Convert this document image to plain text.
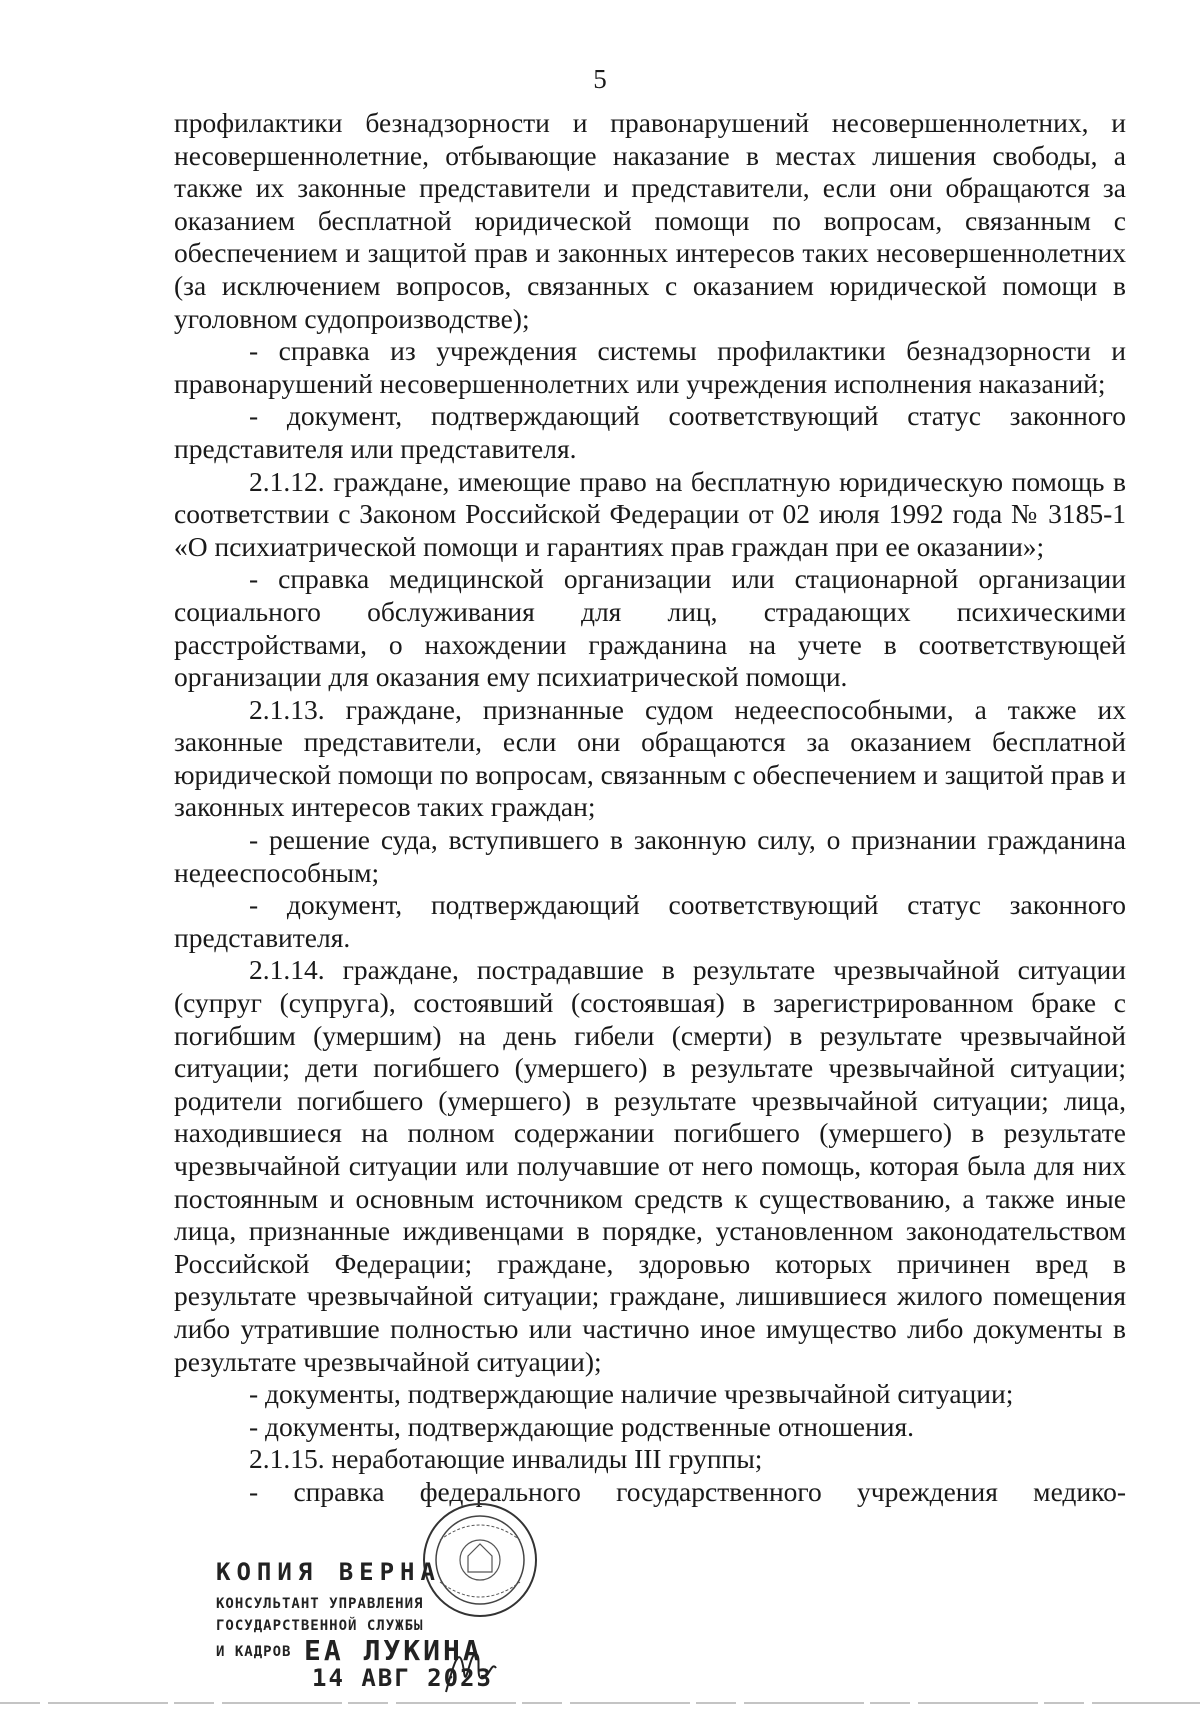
5

профилактики безнадзорности и правонарушений несовершеннолетних, и несовершеннолетние, отбывающие наказание в местах лишения свободы, а также их законные представители и представители, если они обращаются за оказанием бесплатной юридической помощи по вопросам, связанным с обеспечением и защитой прав и законных интересов таких несовершеннолетних (за исключением вопросов, связанных с оказанием юридической помощи в уголовном судопроизводстве);

- справка из учреждения системы профилактики безнадзорности и правонарушений несовершеннолетних или учреждения исполнения наказаний;

- документ, подтверждающий соответствующий статус законного представителя или представителя.

2.1.12. граждане, имеющие право на бесплатную юридическую помощь в соответствии с Законом Российской Федерации от 02 июля 1992 года № 3185-1 «О психиатрической помощи и гарантиях прав граждан при ее оказании»;

- справка медицинской организации или стационарной организации социального обслуживания для лиц, страдающих психическими расстройствами, о нахождении гражданина на учете в соответствующей организации для оказания ему психиатрической помощи.

2.1.13. граждане, признанные судом недееспособными, а также их законные представители, если они обращаются за оказанием бесплатной юридической помощи по вопросам, связанным с обеспечением и защитой прав и законных интересов таких граждан;

- решение суда, вступившего в законную силу, о признании гражданина недееспособным;

- документ, подтверждающий соответствующий статус законного представителя.

2.1.14. граждане, пострадавшие в результате чрезвычайной ситуации (супруг (супруга), состоявший (состоявшая) в зарегистрированном браке с погибшим (умершим) на день гибели (смерти) в результате чрезвычайной ситуации; дети погибшего (умершего) в результате чрезвычайной ситуации; родители погибшего (умершего) в результате чрезвычайной ситуации; лица, находившиеся на полном содержании погибшего (умершего) в результате чрезвычайной ситуации или получавшие от него помощь, которая была для них постоянным и основным источником средств к существованию, а также иные лица, признанные иждивенцами в порядке, установленном законодательством Российской Федерации; граждане, здоровью которых причинен вред в результате чрезвычайной ситуации; граждане, лишившиеся жилого помещения либо утратившие полностью или частично иное имущество либо документы в результате чрезвычайной ситуации);

- документы, подтверждающие наличие чрезвычайной ситуации;

- документы, подтверждающие родственные отношения.

2.1.15. неработающие инвалиды III группы;

- справка федерального государственного учреждения медико-

КОПИЯ ВЕРНА
КОНСУЛЬТАНТ УПРАВЛЕНИЯ
ГОСУДАРСТВЕННОЙ СЛУЖБЫ
И КАДРОВ ЕА ЛУКИНА
14 АВГ 2023
